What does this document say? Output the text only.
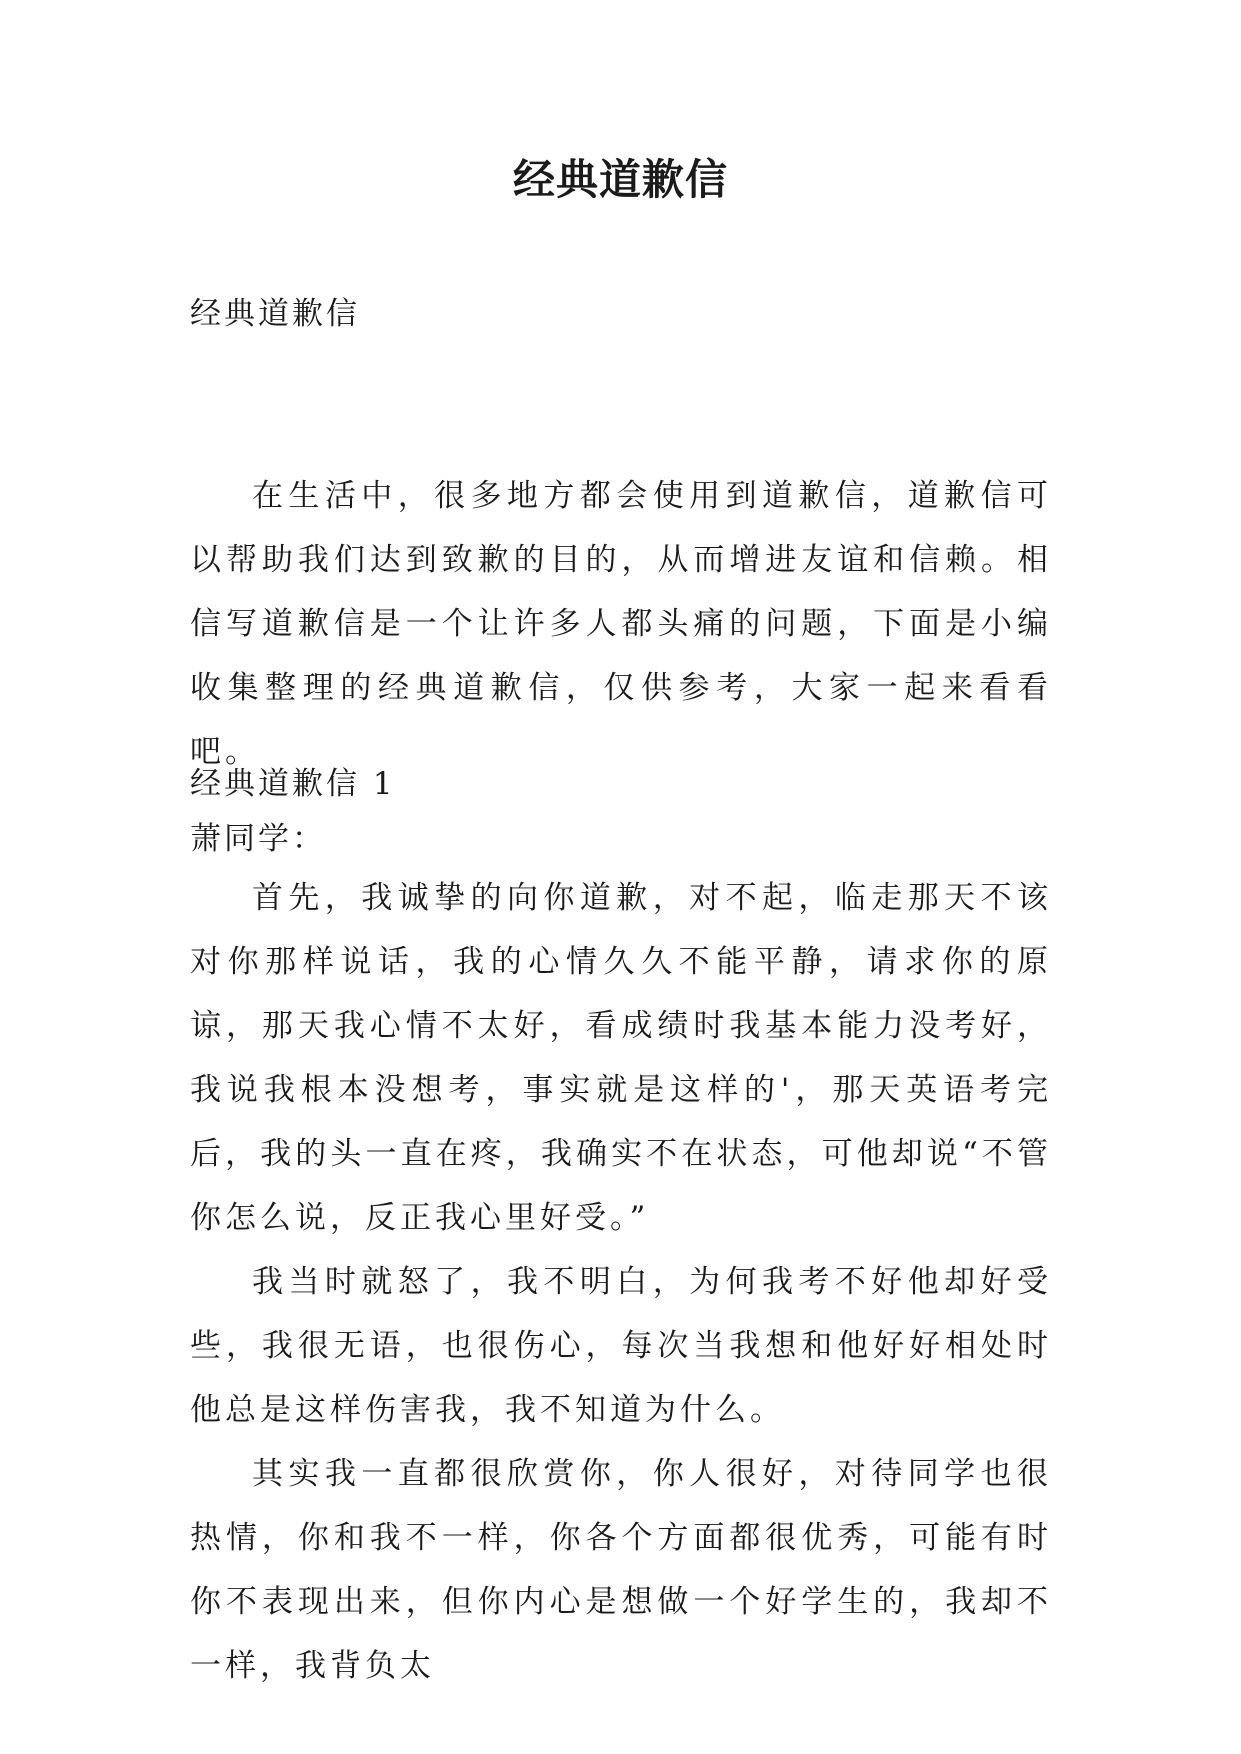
经典道歉信
经典道歉信

在生活中，很多地方都会使用到道歉信，道歉信可以帮助我们达到致歉的目的，从而增进友谊和信赖。相信写道歉信是一个让许多人都头痛的问题，下面是小编收集整理的经典道歉信，仅供参考，大家一起来看看吧。

经典道歉信 1
萧同学：

首先，我诚挚的向你道歉，对不起，临走那天不该对你那样说话，我的心情久久不能平静，请求你的原谅，那天我心情不太好，看成绩时我基本能力没考好，我说我根本没想考，事实就是这样的'，那天英语考完后，我的头一直在疼，我确实不在状态，可他却说“不管你怎么说，反正我心里好受。”

我当时就怒了，我不明白，为何我考不好他却好受些，我很无语，也很伤心，每次当我想和他好好相处时他总是这样伤害我，我不知道为什么。

其实我一直都很欣赏你，你人很好，对待同学也很热情，你和我不一样，你各个方面都很优秀，可能有时你不表现出来，但你内心是想做一个好学生的，我却不一样，我背负太
